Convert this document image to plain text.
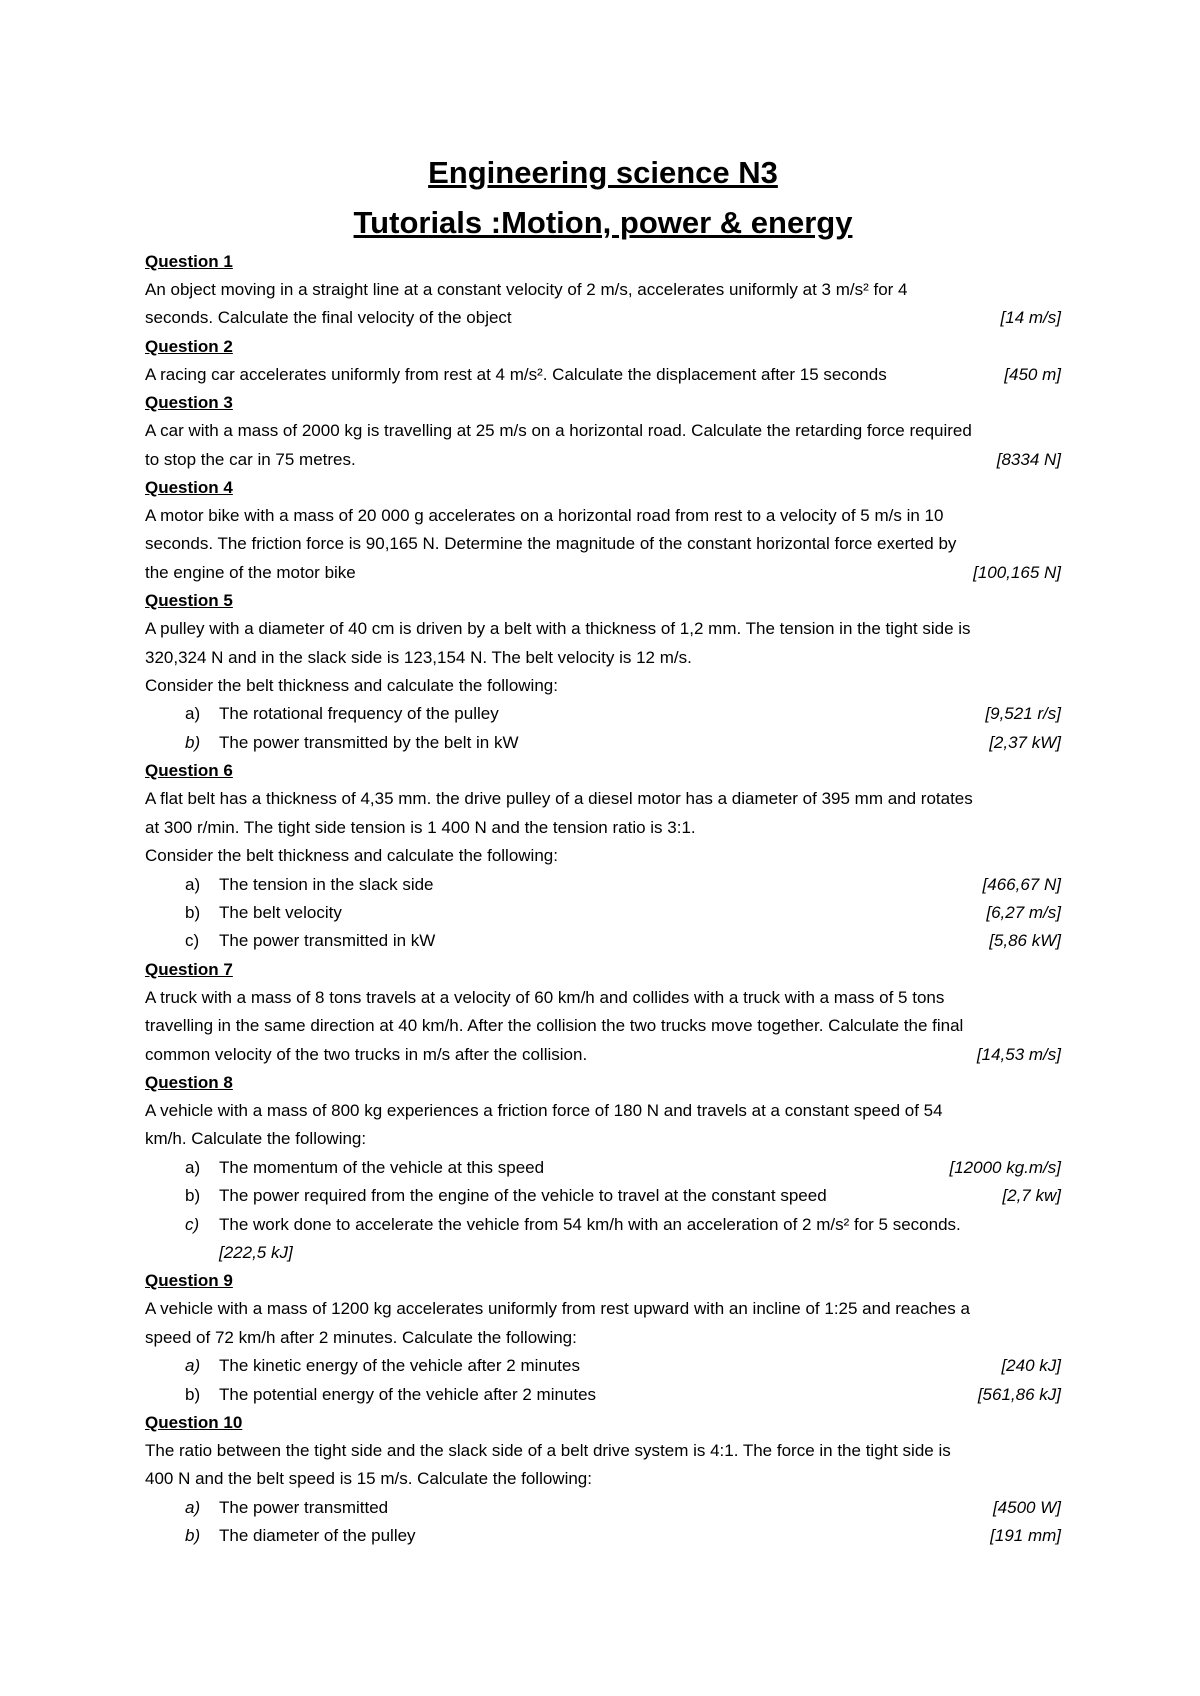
Engineering science N3
Tutorials :Motion, power & energy
Question 1
An object moving in a straight line at a constant velocity of 2 m/s, accelerates uniformly at 3 m/s² for 4
seconds. Calculate the final velocity of the object	[14 m/s]
Question 2
A racing car accelerates uniformly from rest at 4 m/s². Calculate the displacement after 15 seconds	[450 m]
Question 3
A car with a mass of 2000 kg is travelling at 25 m/s on a horizontal road. Calculate the retarding force required
to stop the car in 75 metres.	[8334 N]
Question 4
A motor bike with a mass of 20 000 g accelerates on a horizontal road from rest to a velocity of 5 m/s in 10
seconds. The friction force is 90,165 N. Determine the magnitude of the constant horizontal force exerted by
the engine of the motor bike	[100,165 N]
Question 5
A pulley with a diameter of 40 cm is driven by a belt with a thickness of 1,2 mm. The tension in the tight side is
320,324 N and in the slack side is 123,154 N. The belt velocity is 12 m/s.
Consider the belt thickness and calculate the following:
a)	The rotational frequency of the pulley	[9,521 r/s]
b)	The power transmitted by the belt in kW	[2,37 kW]
Question 6
A flat belt has a thickness of 4,35 mm. the drive pulley of a diesel motor has a diameter of 395 mm and rotates
at 300 r/min. The tight side tension is 1 400 N and the tension ratio is 3:1.
Consider the belt thickness and calculate the following:
a)	The tension in the slack side	[466,67 N]
b)	The belt velocity	[6,27 m/s]
c)	The power transmitted in kW	[5,86 kW]
Question 7
A truck with a mass of 8 tons travels at a velocity of 60 km/h and collides with a truck with a mass of 5 tons
travelling in the same direction at 40 km/h. After the collision the two trucks move together. Calculate the final
common velocity of the two trucks in m/s after the collision.	[14,53 m/s]
Question 8
A vehicle with a mass of 800 kg experiences a friction force of 180 N and travels at a constant speed of 54
km/h. Calculate the following:
a)	The momentum of the vehicle at this speed	[12000 kg.m/s]
b)	The power required from the engine of the vehicle to travel at the constant speed	[2,7 kw]
c)	The work done to accelerate the vehicle from 54 km/h with an acceleration of 2 m/s² for 5 seconds.
[222,5 kJ]
Question 9
A vehicle with a mass of 1200 kg accelerates uniformly from rest upward with an incline of 1:25 and reaches a
speed of 72 km/h after 2 minutes. Calculate the following:
a)	The kinetic energy of the vehicle after 2 minutes	[240 kJ]
b)	The potential energy of the vehicle after 2 minutes	[561,86 kJ]
Question 10
The ratio between the tight side and the slack side of a belt drive system is 4:1. The force in the tight side is
400 N and the belt speed is 15 m/s. Calculate the following:
a)	The power transmitted	[4500 W]
b)	The diameter of the pulley	[191 mm]
